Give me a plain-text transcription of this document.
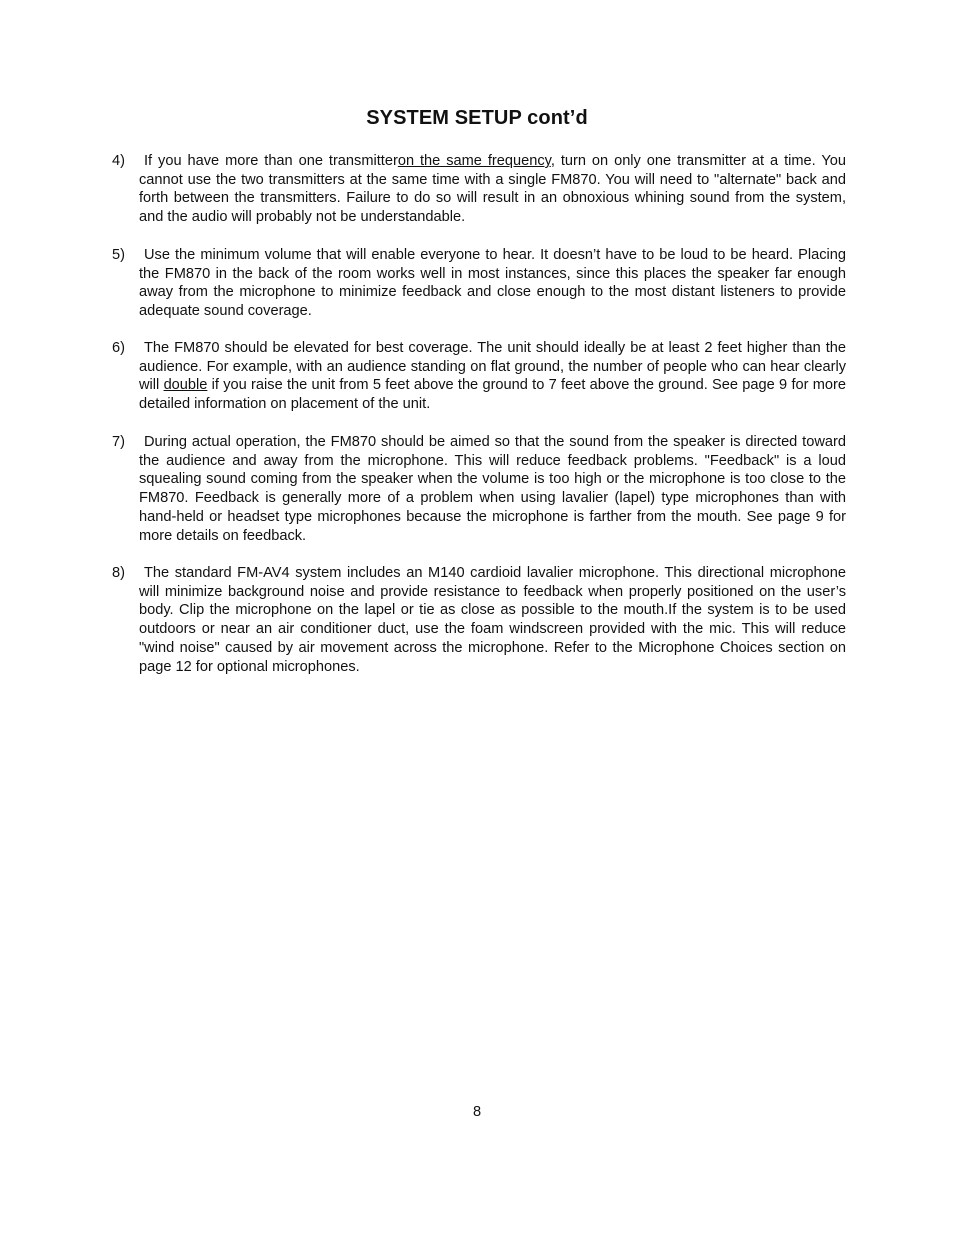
SYSTEM SETUP cont’d
4)	If you have more than one transmitteron the same frequency, turn on only one transmitter at a time. You cannot use the two transmitters at the same time with a single FM870. You will need to "alternate" back and forth between the transmitters. Failure to do so will result in an obnoxious whining sound from the system, and the audio will probably not be understandable.
5)	Use the minimum volume that will enable everyone to hear. It doesn’t have to be loud to be heard. Placing the FM870 in the back of the room works well in most instances, since this places the speaker far enough away from the microphone to minimize feedback and close enough to the most distant listeners to provide adequate sound coverage.
6)	The FM870 should be elevated for best coverage. The unit should ideally be at least 2 feet higher than the audience. For example, with an audience standing on flat ground, the number of people who can hear clearly will double if you raise the unit from 5 feet above the ground to 7 feet above the ground. See page 9 for more detailed information on placement of the unit.
7)	During actual operation, the FM870 should be aimed so that the sound from the speaker is directed toward the audience and away from the microphone. This will reduce feedback problems. "Feedback" is a loud squealing sound coming from the speaker when the volume is too high or the microphone is too close to the FM870. Feedback is generally more of a problem when using lavalier (lapel) type microphones than with hand-held or headset type microphones because the microphone is farther from the mouth. See page 9 for more details on feedback.
8)	The standard FM-AV4 system includes an M140 cardioid lavalier microphone. This directional microphone will minimize background noise and provide resistance to feedback when properly positioned on the user’s body. Clip the microphone on the lapel or tie as close as possible to the mouth.If the system is to be used outdoors or near an air conditioner duct, use the foam windscreen provided with the mic. This will reduce "wind noise" caused by air movement across the microphone. Refer to the Microphone Choices section on page 12 for optional microphones.
8
